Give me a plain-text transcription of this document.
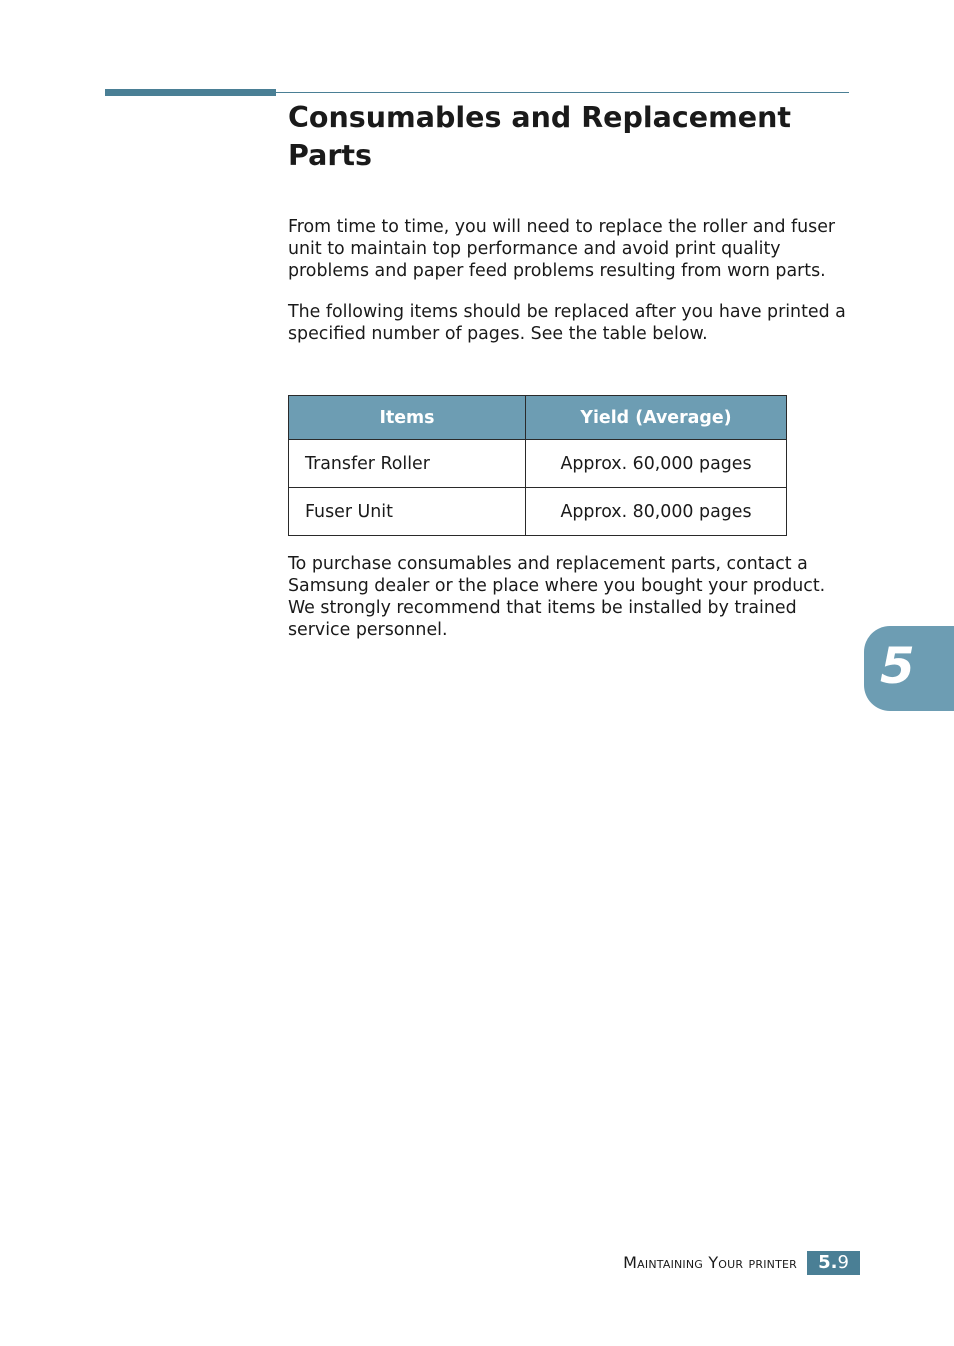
Consumables and Replacement Parts

From time to time, you will need to replace the roller and fuser unit to maintain top performance and avoid print quality problems and paper feed problems resulting from worn parts.

The following items should be replaced after you have printed a specified number of pages. See the table below.

Items	Yield (Average)
Transfer Roller	Approx. 60,000 pages
Fuser Unit	Approx. 80,000 pages

To purchase consumables and replacement parts, contact a Samsung dealer or the place where you bought your product. We strongly recommend that items be installed by trained service personnel.

5
Maintaining Your printer	5.9
